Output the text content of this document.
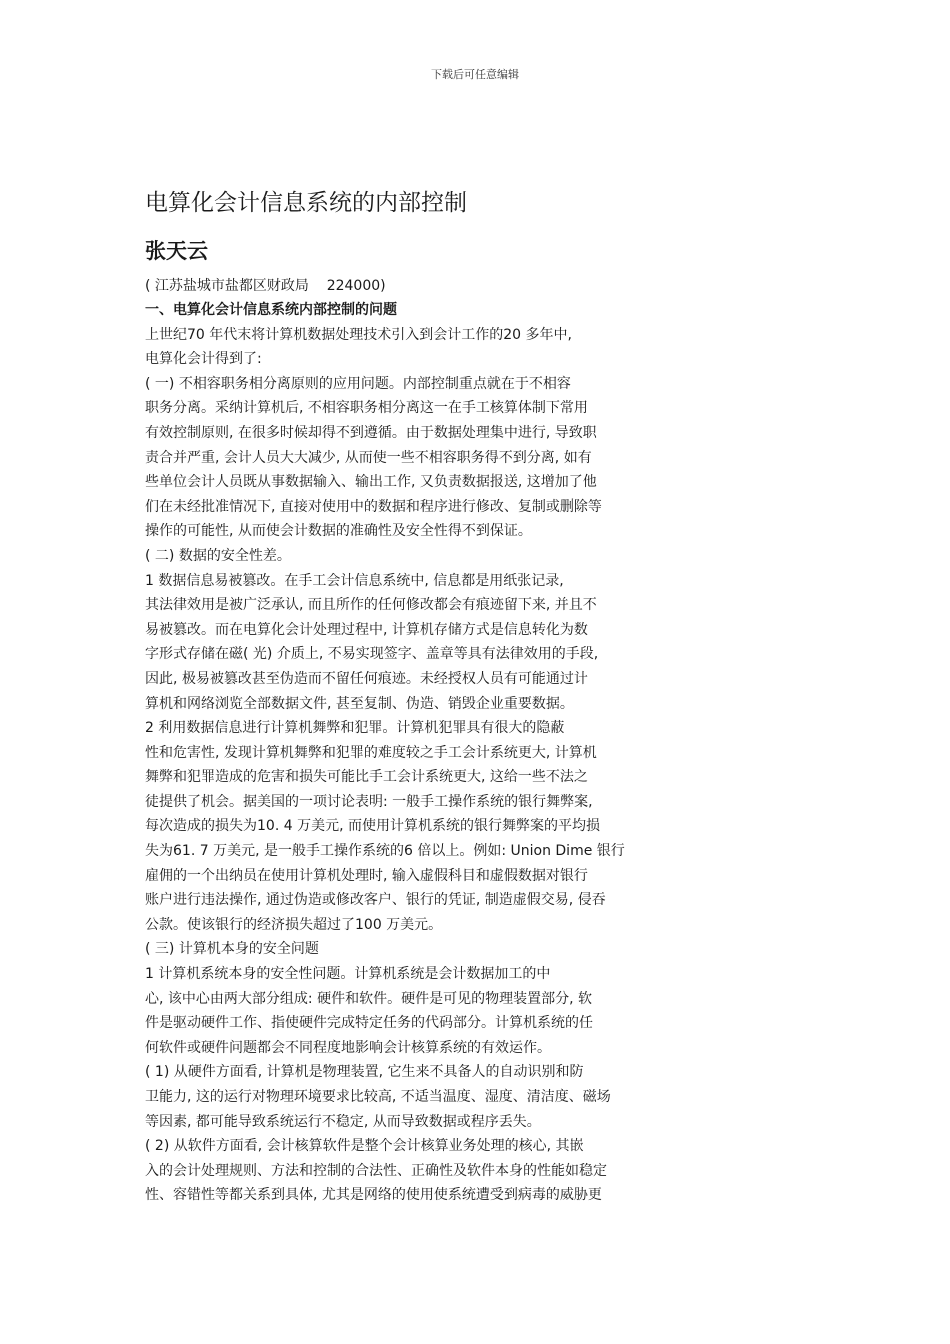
下载后可任意编辑
电算化会计信息系统的内部控制
张天云
( 江苏盐城市盐都区财政局    224000)
一、电算化会计信息系统内部控制的问题
上世纪70 年代末将计算机数据处理技术引入到会计工作的20 多年中,
电算化会计得到了:
( 一) 不相容职务相分离原则的应用问题。内部控制重点就在于不相容
职务分离。采纳计算机后, 不相容职务相分离这一在手工核算体制下常用
有效控制原则, 在很多时候却得不到遵循。由于数据处理集中进行, 导致职
责合并严重, 会计人员大大减少, 从而使一些不相容职务得不到分离, 如有
些单位会计人员既从事数据输入、输出工作, 又负责数据报送, 这增加了他
们在未经批准情况下, 直接对使用中的数据和程序进行修改、复制或删除等
操作的可能性, 从而使会计数据的准确性及安全性得不到保证。
( 二) 数据的安全性差。
1 数据信息易被篡改。在手工会计信息系统中, 信息都是用纸张记录,
其法律效用是被广泛承认, 而且所作的任何修改都会有痕迹留下来, 并且不
易被篡改。而在电算化会计处理过程中, 计算机存储方式是信息转化为数
字形式存储在磁( 光) 介质上, 不易实现签字、盖章等具有法律效用的手段,
因此, 极易被篡改甚至伪造而不留任何痕迹。未经授权人员有可能通过计
算机和网络浏览全部数据文件, 甚至复制、伪造、销毁企业重要数据。
2 利用数据信息进行计算机舞弊和犯罪。计算机犯罪具有很大的隐蔽
性和危害性, 发现计算机舞弊和犯罪的难度较之手工会计系统更大, 计算机
舞弊和犯罪造成的危害和损失可能比手工会计系统更大, 这给一些不法之
徒提供了机会。据美国的一项讨论表明: 一般手工操作系统的银行舞弊案,
每次造成的损失为10. 4 万美元, 而使用计算机系统的银行舞弊案的平均损
失为61. 7 万美元, 是一般手工操作系统的6 倍以上。例如: Union Dime 银行
雇佣的一个出纳员在使用计算机处理时, 输入虚假科目和虚假数据对银行
账户进行违法操作, 通过伪造或修改客户、银行的凭证, 制造虚假交易, 侵吞
公款。使该银行的经济损失超过了100 万美元。
( 三) 计算机本身的安全问题
1 计算机系统本身的安全性问题。计算机系统是会计数据加工的中
心, 该中心由两大部分组成: 硬件和软件。硬件是可见的物理装置部分, 软
件是驱动硬件工作、指使硬件完成特定任务的代码部分。计算机系统的任
何软件或硬件问题都会不同程度地影响会计核算系统的有效运作。
( 1) 从硬件方面看, 计算机是物理装置, 它生来不具备人的自动识别和防
卫能力, 这的运行对物理环境要求比较高, 不适当温度、湿度、清洁度、磁场
等因素, 都可能导致系统运行不稳定, 从而导致数据或程序丢失。
( 2) 从软件方面看, 会计核算软件是整个会计核算业务处理的核心, 其嵌
入的会计处理规则、方法和控制的合法性、正确性及软件本身的性能如稳定
性、容错性等都关系到具体, 尤其是网络的使用使系统遭受到病毒的威胁更
